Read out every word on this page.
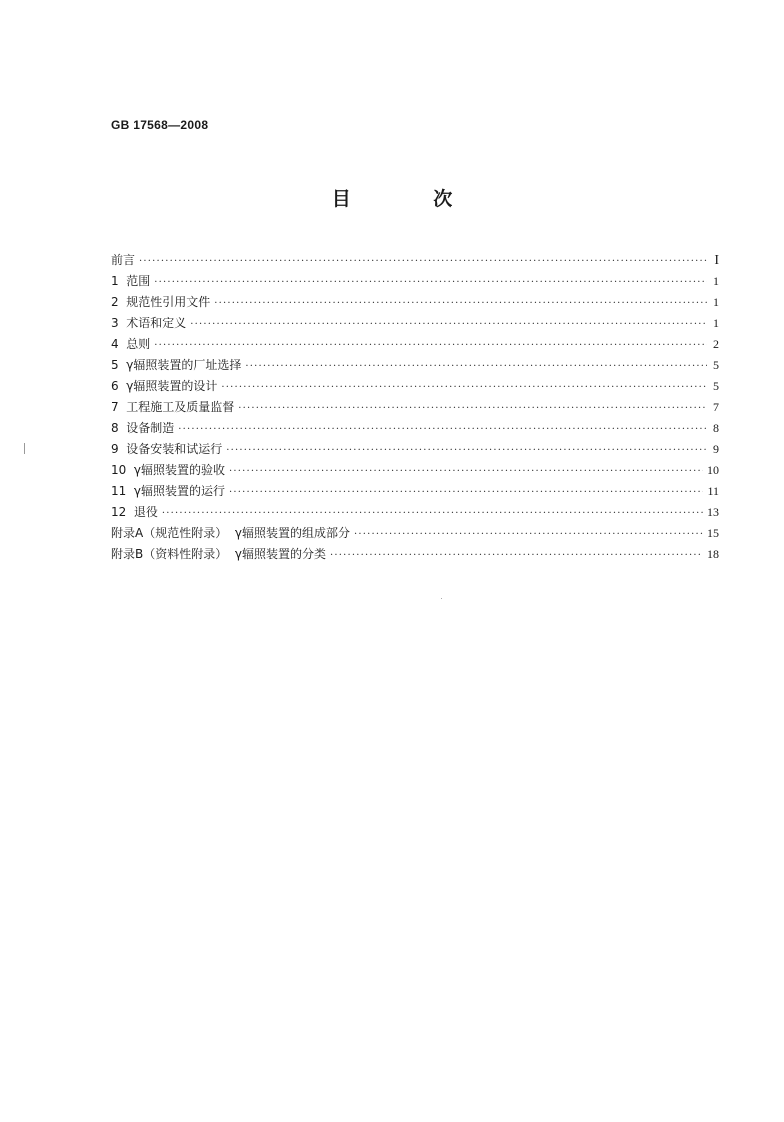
GB 17568—2008
目 次
前言 ·····	I
1  范围 ·····	1
2  规范性引用文件 ·····	1
3  术语和定义 ·····	1
4  总则 ·····	2
5  γ辐照装置的厂址选择 ·····	5
6  γ辐照装置的设计 ·····	5
7  工程施工及质量监督 ·····	7
8  设备制造 ·····	8
9  设备安装和试运行 ·····	9
10  γ辐照装置的验收 ·····	10
11  γ辐照装置的运行 ·····	11
12  退役 ·····	13
附录A（规范性附录）  γ辐照装置的组成部分 ·····	15
附录B（资料性附录）  γ辐照装置的分类 ·····	18
